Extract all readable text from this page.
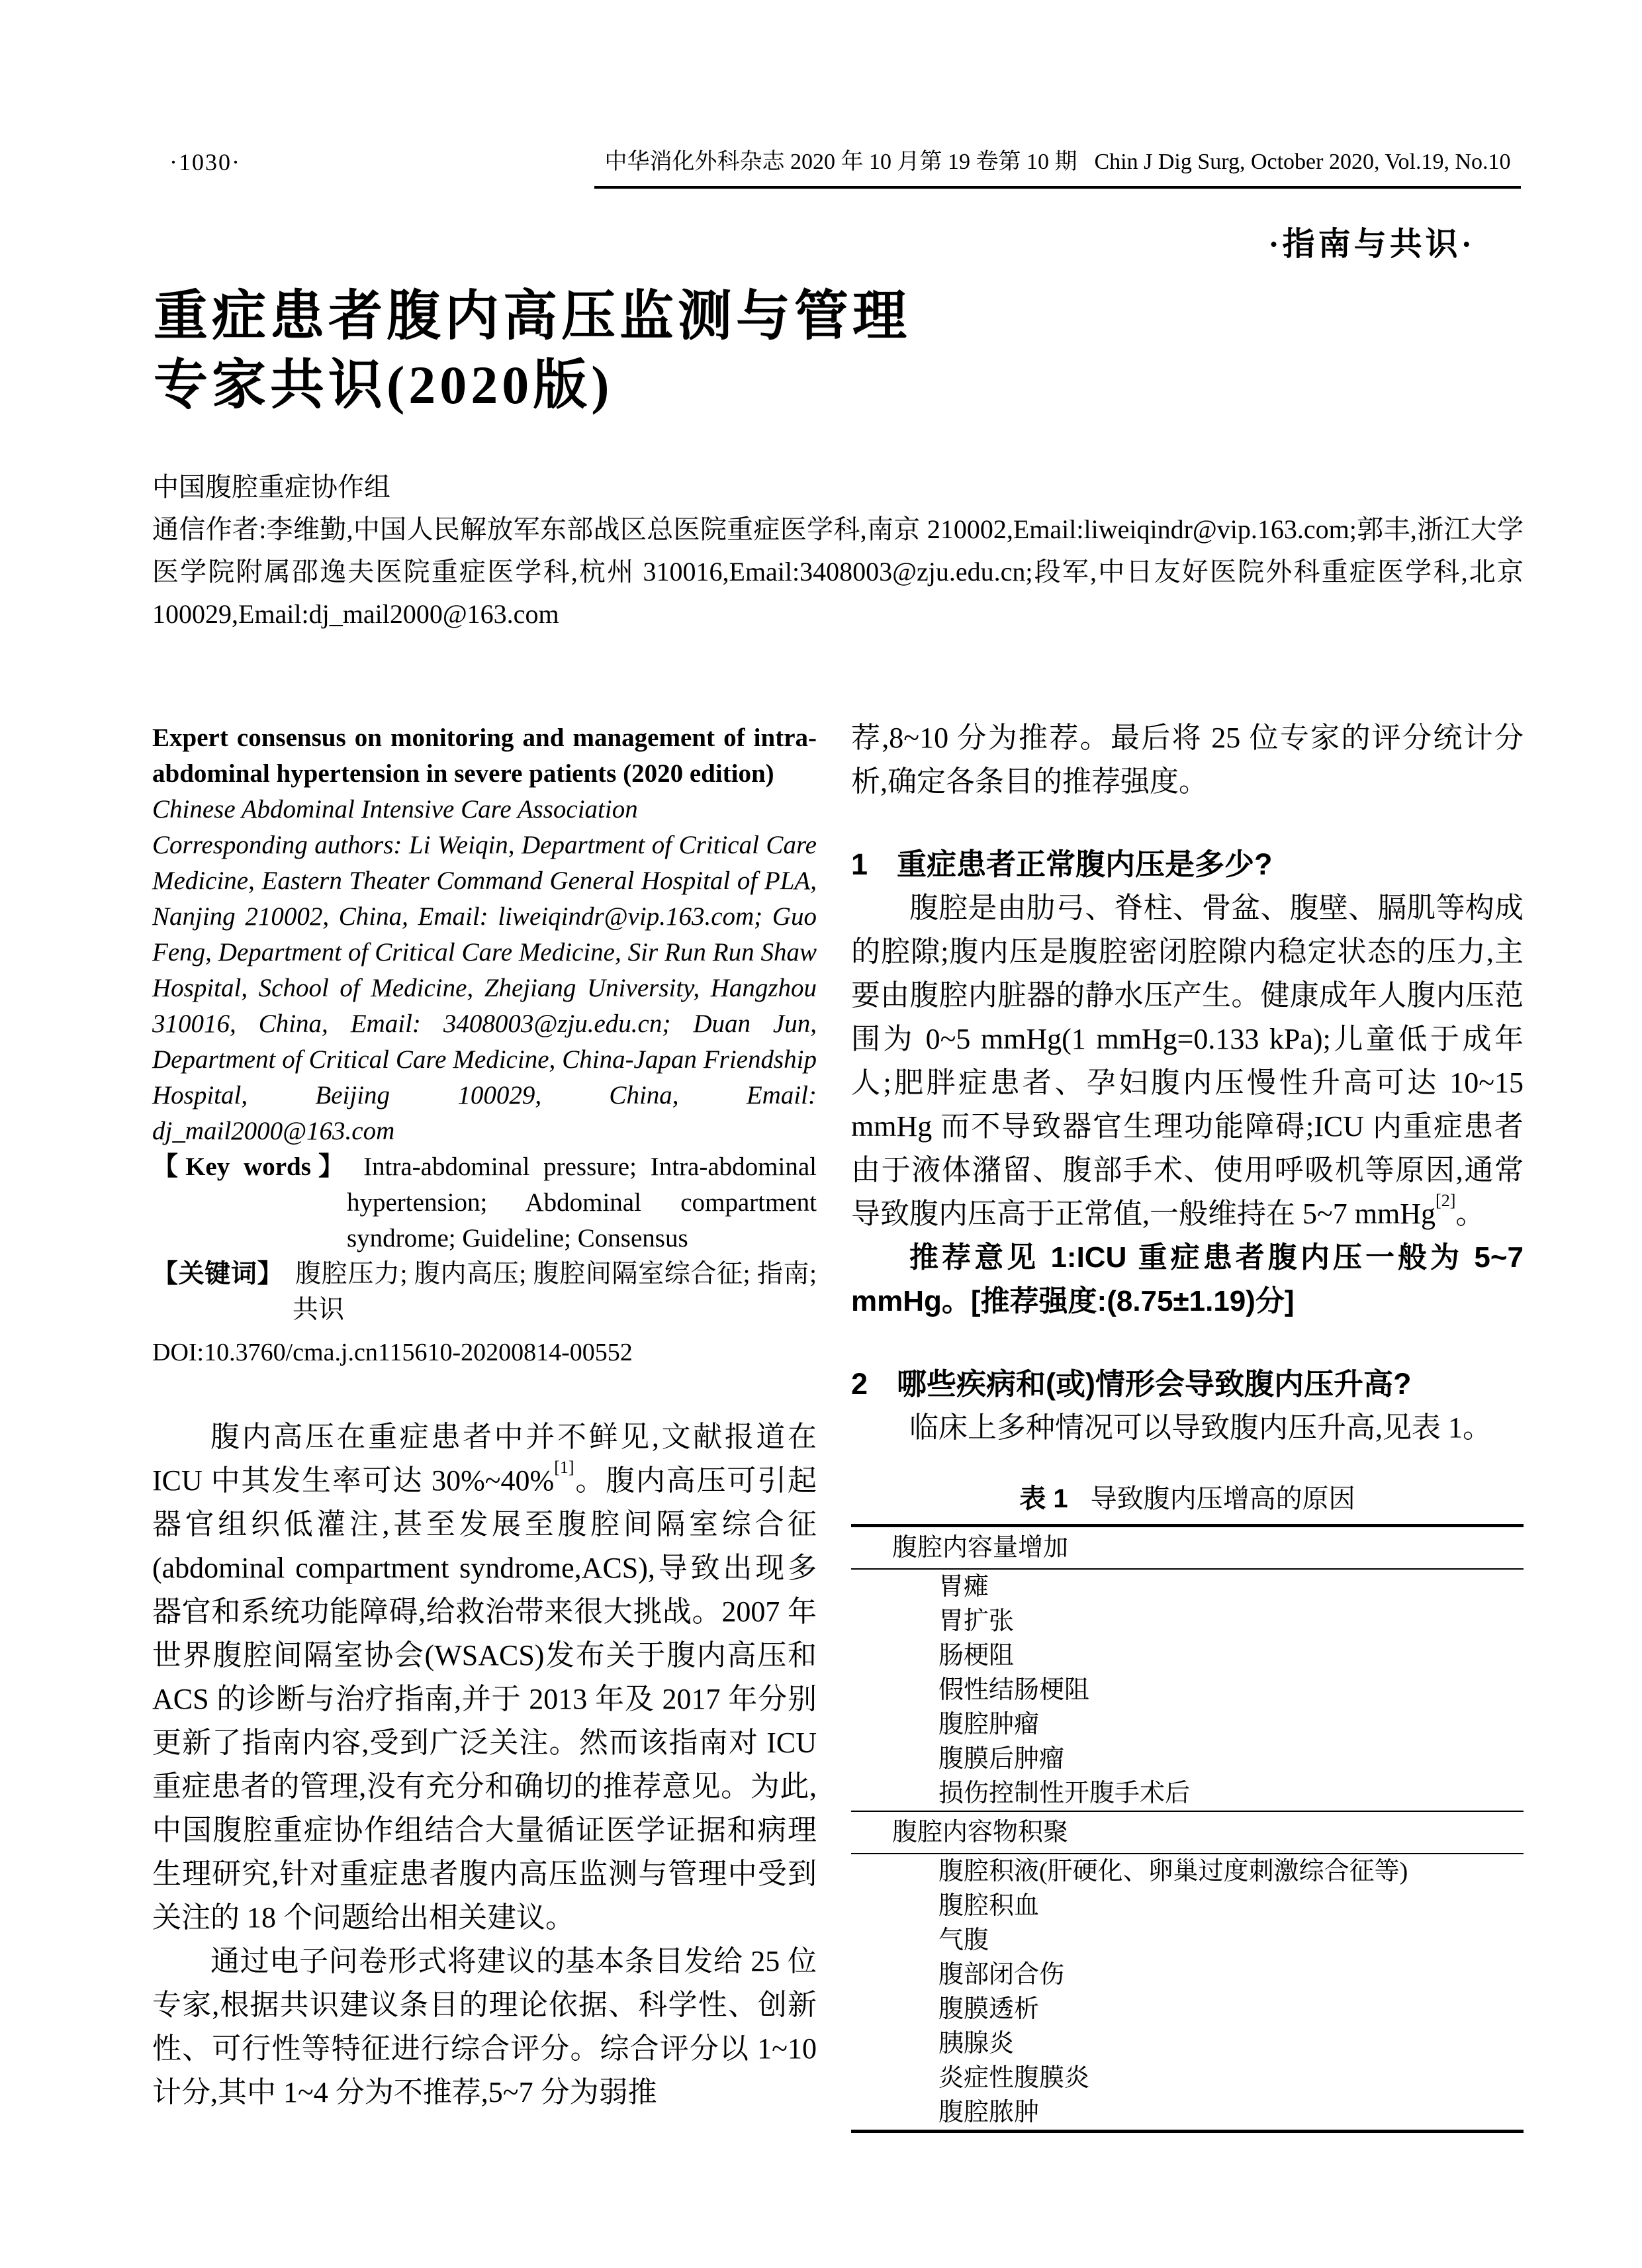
·1030·	中华消化外科杂志 2020 年 10 月第 19 卷第 10 期 Chin J Dig Surg, October 2020, Vol.19, No.10
·指南与共识·
重症患者腹内高压监测与管理
专家共识(2020版)
中国腹腔重症协作组

通信作者:李维勤,中国人民解放军东部战区总医院重症医学科,南京 210002,Email:liweiqindr@vip.163.com;郭丰,浙江大学医学院附属邵逸夫医院重症医学科,杭州 310016,Email:3408003@zju.edu.cn;段军,中日友好医院外科重症医学科,北京 100029,Email:dj_mail2000@163.com

Expert consensus on monitoring and management of intra-abdominal hypertension in severe patients (2020 edition)

Chinese Abdominal Intensive Care Association

Corresponding authors: Li Weiqin, Department of Critical Care Medicine, Eastern Theater Command General Hospital of PLA, Nanjing 210002, China, Email: liweiqindr@vip.163.com; Guo Feng, Department of Critical Care Medicine, Sir Run Run Shaw Hospital, School of Medicine, Zhejiang University, Hangzhou 310016, China, Email: 3408003@zju.edu.cn; Duan Jun, Department of Critical Care Medicine, China-Japan Friendship Hospital, Beijing 100029, China, Email: dj_mail2000@163.com

【Key words】 Intra-abdominal pressure; Intra-abdominal hypertension; Abdominal compartment syndrome; Guideline; Consensus

【关键词】 腹腔压力; 腹内高压; 腹腔间隔室综合征; 指南; 共识

DOI:10.3760/cma.j.cn115610-20200814-00552

腹内高压在重症患者中并不鲜见,文献报道在 ICU 中其发生率可达 30%~40%[1]。腹内高压可引起器官组织低灌注,甚至发展至腹腔间隔室综合征(abdominal compartment syndrome,ACS),导致出现多器官和系统功能障碍,给救治带来很大挑战。2007 年世界腹腔间隔室协会(WSACS)发布关于腹内高压和 ACS 的诊断与治疗指南,并于 2013 年及 2017 年分别更新了指南内容,受到广泛关注。然而该指南对 ICU 重症患者的管理,没有充分和确切的推荐意见。为此,中国腹腔重症协作组结合大量循证医学证据和病理生理研究,针对重症患者腹内高压监测与管理中受到关注的 18 个问题给出相关建议。

通过电子问卷形式将建议的基本条目发给 25 位专家,根据共识建议条目的理论依据、科学性、创新性、可行性等特征进行综合评分。综合评分以 1~10 计分,其中 1~4 分为不推荐,5~7 分为弱推

荐,8~10 分为推荐。最后将 25 位专家的评分统计分析,确定各条目的推荐强度。

1 重症患者正常腹内压是多少?

腹腔是由肋弓、脊柱、骨盆、腹壁、膈肌等构成的腔隙;腹内压是腹腔密闭腔隙内稳定状态的压力,主要由腹腔内脏器的静水压产生。健康成年人腹内压范围为 0~5 mmHg(1 mmHg=0.133 kPa);儿童低于成年人;肥胖症患者、孕妇腹内压慢性升高可达 10~15 mmHg 而不导致器官生理功能障碍;ICU 内重症患者由于液体潴留、腹部手术、使用呼吸机等原因,通常导致腹内压高于正常值,一般维持在 5~7 mmHg[2]。

推荐意见 1:ICU 重症患者腹内压一般为 5~7 mmHg。[推荐强度:(8.75±1.19)分]

2 哪些疾病和(或)情形会导致腹内压升高?

临床上多种情况可以导致腹内压升高,见表 1。

表 1 导致腹内压增高的原因
腹腔内容量增加
胃瘫
胃扩张
肠梗阻
假性结肠梗阻
腹腔肿瘤
腹膜后肿瘤
损伤控制性开腹手术后
腹腔内容物积聚
腹腔积液(肝硬化、卵巢过度刺激综合征等)
腹腔积血
气腹
腹部闭合伤
腹膜透析
胰腺炎
炎症性腹膜炎
腹腔脓肿
